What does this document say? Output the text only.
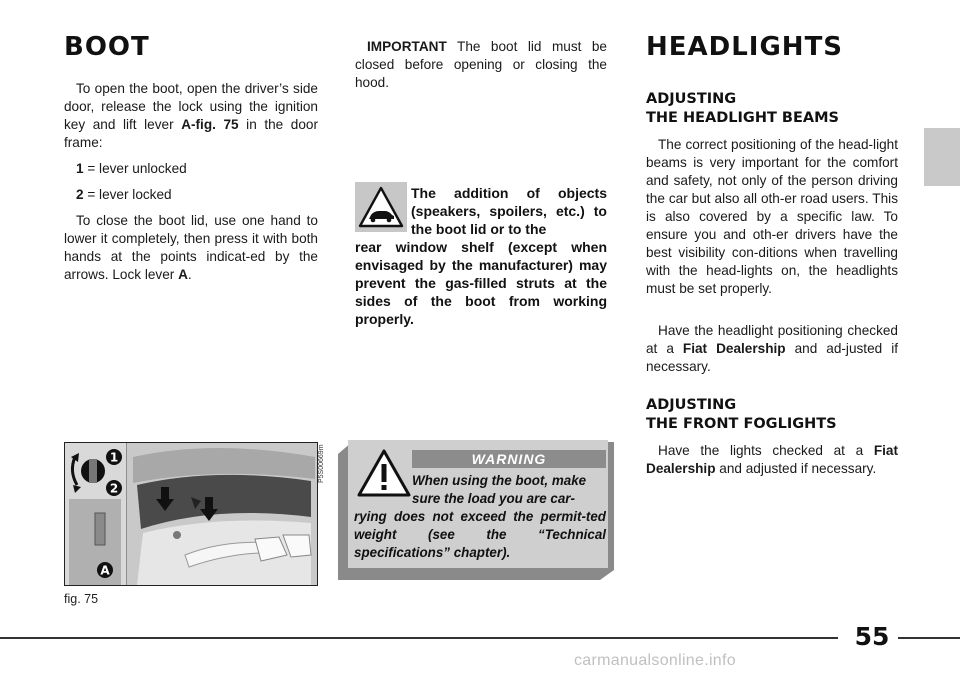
BOOT

To open the boot, open the driver’s side door, release the lock using the ignition key and lift lever A-fig. 75 in the door frame:

1 = lever unlocked

2 = lever locked

To close the boot lid, use one hand to lower it completely, then press it with both hands at the points indicat-ed by the arrows. Lock lever A.

IMPORTANT The boot lid must be closed before opening or closing the hood.

The addition of objects (speakers, spoilers, etc.) to the boot lid or to the

rear window shelf (except when envisaged by the manufacturer) may prevent the gas-filled struts at the sides of the boot from working properly.

HEADLIGHTS
ADJUSTING
THE HEADLIGHT BEAMS

The correct positioning of the head-light beams is very important for the comfort and safety, not only of the person driving the car but also all oth-er road users. This is also covered by a specific law. To ensure you and oth-er drivers have the best visibility con-ditions when travelling with the head-lights on, the headlights must be set properly.

Have the headlight positioning checked at a Fiat Dealership and ad-justed if necessary.

ADJUSTING
THE FRONT FOGLIGHTS

Have the lights checked at a Fiat Dealership and adjusted if necessary.

1
2
A
P5S00669m
fig. 75
WARNING
When using the boot, make
sure the load you are car-
rying does not exceed the permit-ted weight (see the “Technical specifications” chapter).
55
carmanualsonline.info
